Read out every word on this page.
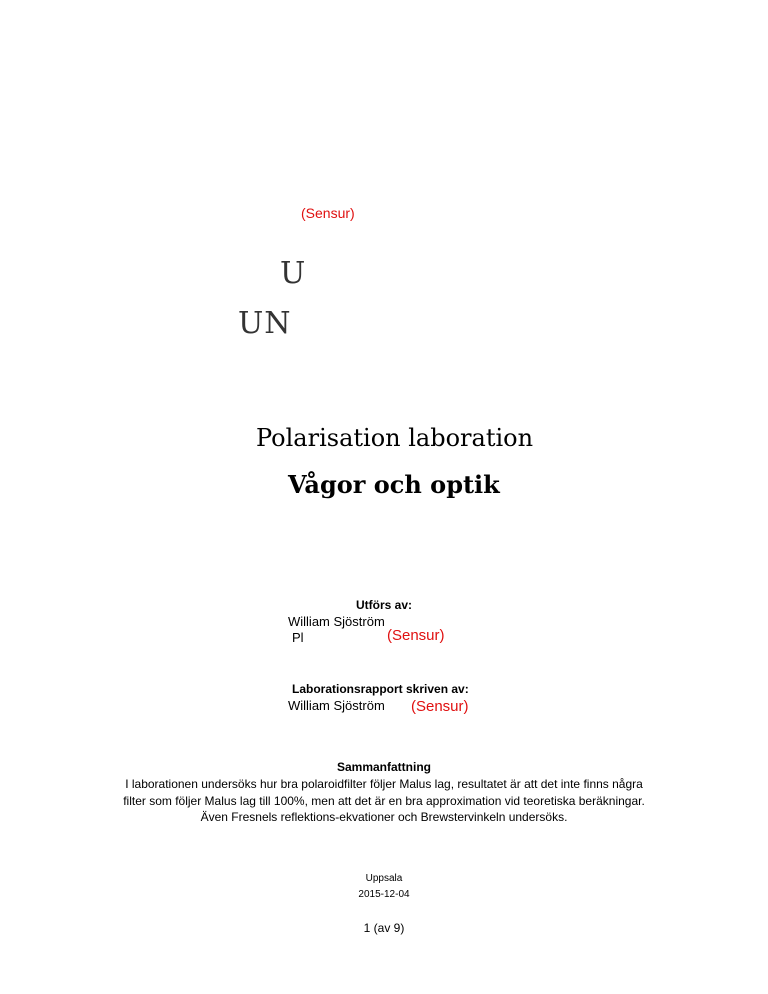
(Sensur)
U
UN
Polarisation laboration
Vågor och optik
Utförs av:
William Sjöström
Pl	(Sensur)
Laborationsrapport skriven av:
William Sjöström (Sensur)
Sammanfattning
I laborationen undersöks hur bra polaroidfilter följer Malus lag, resultatet är att det inte finns några
filter som följer Malus lag till 100%, men att det är en bra approximation vid teoretiska beräkningar.
Även Fresnels reflektions-ekvationer och Brewstervinkeln undersöks.
Uppsala
2015-12-04
1 (av 9)
